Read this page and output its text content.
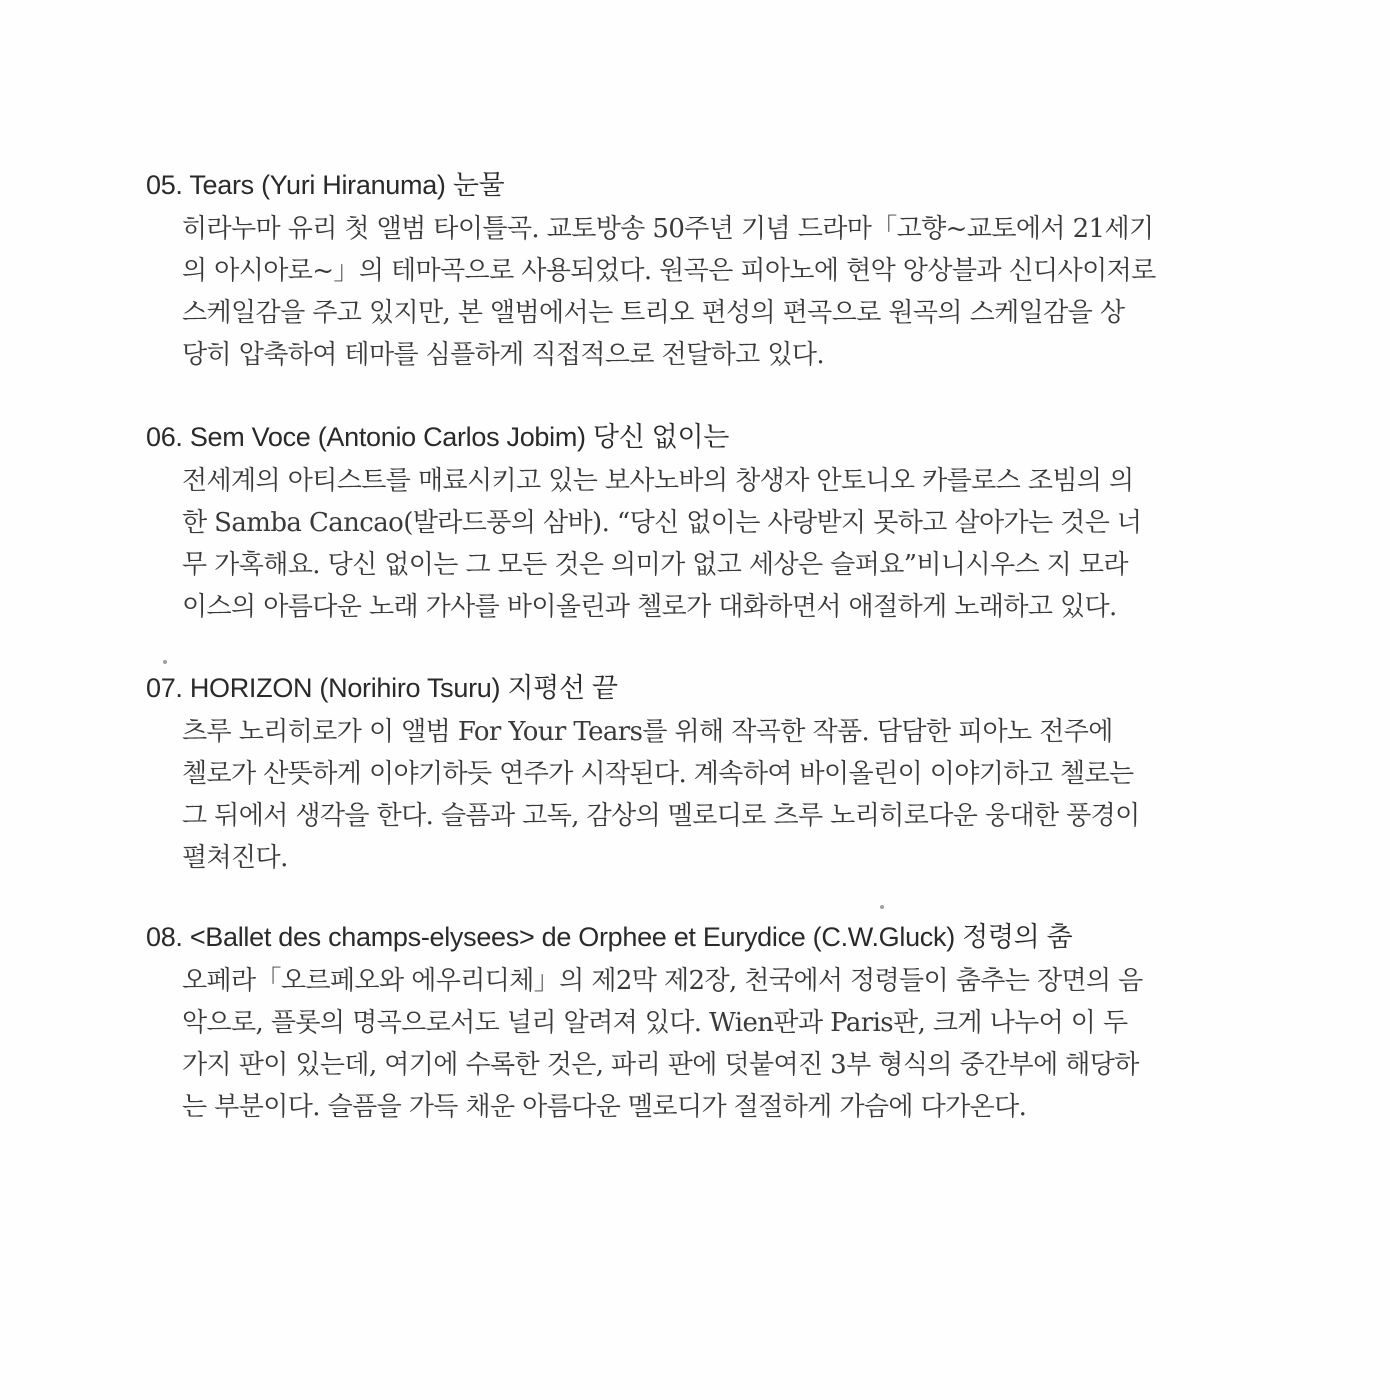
05. Tears (Yuri Hiranuma) 눈물
히라누마 유리 첫 앨범 타이틀곡. 교토방송 50주년 기념 드라마「고향~교토에서 21세기
의 아시아로~」의 테마곡으로 사용되었다. 원곡은 피아노에 현악 앙상블과 신디사이저로
스케일감을 주고 있지만, 본 앨범에서는 트리오 편성의 편곡으로 원곡의 스케일감을 상
당히 압축하여 테마를 심플하게 직접적으로 전달하고 있다.
06. Sem Voce (Antonio Carlos Jobim) 당신 없이는
전세계의 아티스트를 매료시키고 있는 보사노바의 창생자 안토니오 카를로스 조빔의 의
한 Samba Cancao(발라드풍의 삼바). “당신 없이는 사랑받지 못하고 살아가는 것은 너
무 가혹해요. 당신 없이는 그 모든 것은 의미가 없고 세상은 슬퍼요”비니시우스 지 모라
이스의 아름다운 노래 가사를 바이올린과 첼로가 대화하면서 애절하게 노래하고 있다.
07. HORIZON (Norihiro Tsuru) 지평선 끝
츠루 노리히로가 이 앨범 For Your Tears를 위해 작곡한 작품. 담담한 피아노 전주에
첼로가 산뜻하게 이야기하듯 연주가 시작된다. 계속하여 바이올린이 이야기하고 첼로는
그 뒤에서 생각을 한다. 슬픔과 고독, 감상의 멜로디로 츠루 노리히로다운 웅대한 풍경이
펼쳐진다.
08. <Ballet des champs-elysees> de Orphee et Eurydice (C.W.Gluck) 정령의 춤
오페라「오르페오와 에우리디체」의 제2막 제2장, 천국에서 정령들이 춤추는 장면의 음
악으로, 플롯의 명곡으로서도 널리 알려져 있다. Wien판과 Paris판, 크게 나누어 이 두
가지 판이 있는데, 여기에 수록한 것은, 파리 판에 덧붙여진 3부 형식의 중간부에 해당하
는 부분이다. 슬픔을 가득 채운 아름다운 멜로디가 절절하게 가슴에 다가온다.
